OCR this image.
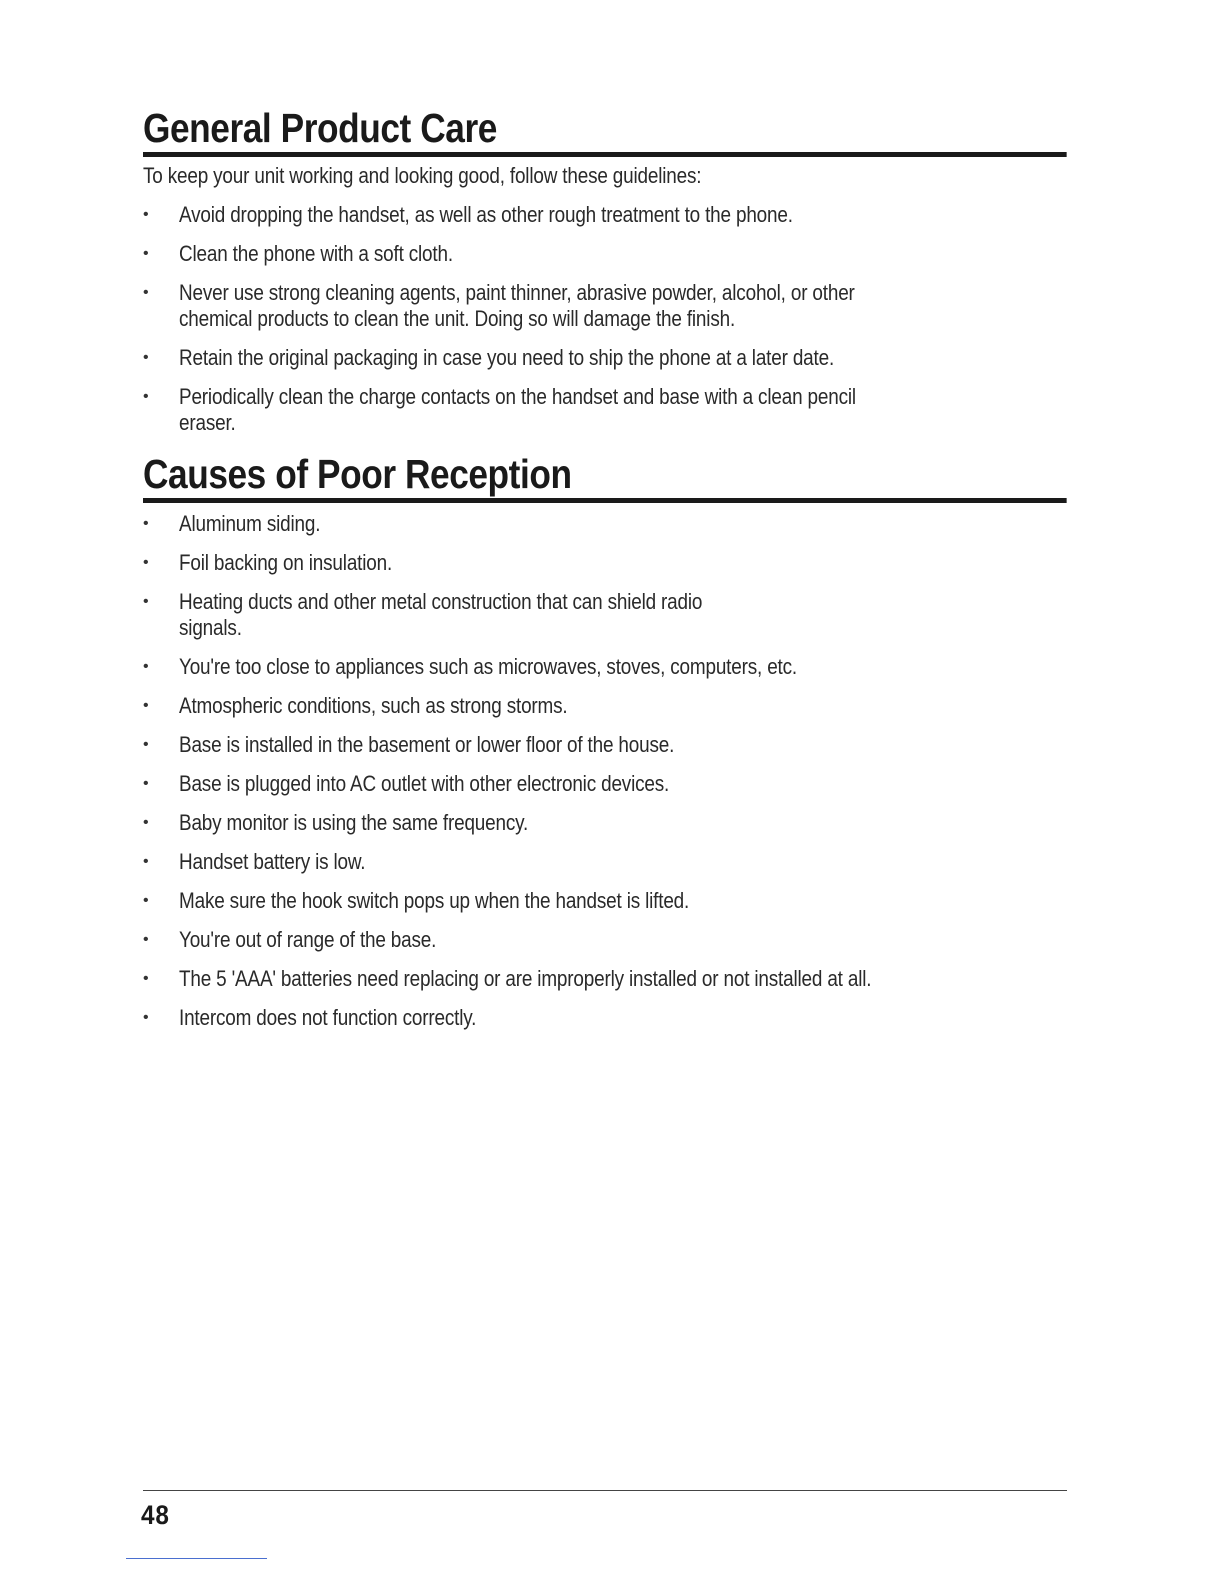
General Product Care

To keep your unit working and looking good, follow these guidelines:

• Avoid dropping the handset, as well as other rough treatment to the phone.
• Clean the phone with a soft cloth.
• Never use strong cleaning agents, paint thinner, abrasive powder, alcohol, or other
chemical products to clean the unit. Doing so will damage the finish.
• Retain the original packaging in case you need to ship the phone at a later date.
• Periodically clean the charge contacts on the handset and base with a clean pencil
eraser.
Causes of Poor Reception
• Aluminum siding.
• Foil backing on insulation.
• Heating ducts and other metal construction that can shield radio
signals.
• You're too close to appliances such as microwaves, stoves, computers, etc.
• Atmospheric conditions, such as strong storms.
• Base is installed in the basement or lower floor of the house.
• Base is plugged into AC outlet with other electronic devices.
• Baby monitor is using the same frequency.
• Handset battery is low.
• Make sure the hook switch pops up when the handset is lifted.
• You're out of range of the base.
• The 5 'AAA' batteries need replacing or are improperly installed or not installed at all.
• Intercom does not function correctly.
48
